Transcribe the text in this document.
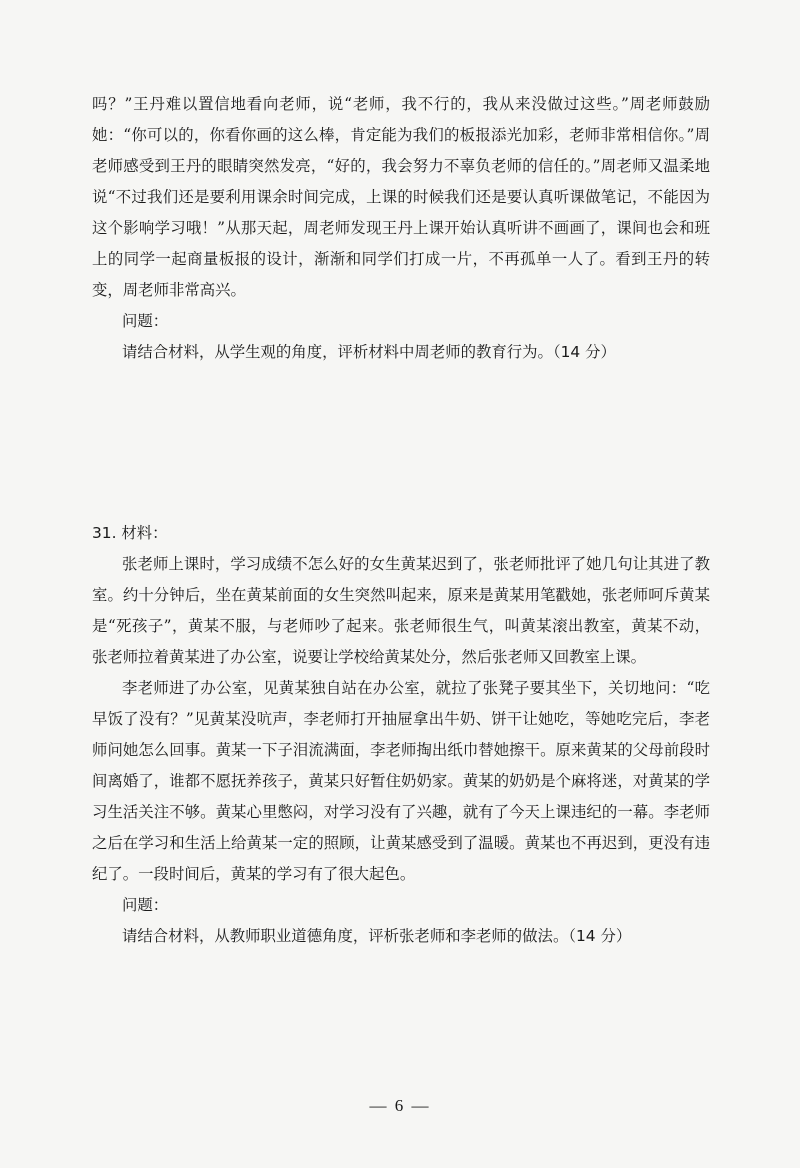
吗？”王丹难以置信地看向老师，说“老师，我不行的，我从来没做过这些。”周老师鼓励
她：“你可以的，你看你画的这么棒，肯定能为我们的板报添光加彩，老师非常相信你。”周
老师感受到王丹的眼睛突然发亮，“好的，我会努力不辜负老师的信任的。”周老师又温柔地
说“不过我们还是要利用课余时间完成，上课的时候我们还是要认真听课做笔记，不能因为
这个影响学习哦！”从那天起，周老师发现王丹上课开始认真听讲不画画了，课间也会和班
上的同学一起商量板报的设计，渐渐和同学们打成一片，不再孤单一人了。看到王丹的转
变，周老师非常高兴。
问题：
请结合材料，从学生观的角度，评析材料中周老师的教育行为。（14 分）
31. 材料：
张老师上课时，学习成绩不怎么好的女生黄某迟到了，张老师批评了她几句让其进了教
室。约十分钟后，坐在黄某前面的女生突然叫起来，原来是黄某用笔戳她，张老师呵斥黄某
是“死孩子”，黄某不服，与老师吵了起来。张老师很生气，叫黄某滚出教室，黄某不动，
张老师拉着黄某进了办公室，说要让学校给黄某处分，然后张老师又回教室上课。
李老师进了办公室，见黄某独自站在办公室，就拉了张凳子要其坐下，关切地问：“吃
早饭了没有？”见黄某没吭声，李老师打开抽屉拿出牛奶、饼干让她吃，等她吃完后，李老
师问她怎么回事。黄某一下子泪流满面，李老师掏出纸巾替她擦干。原来黄某的父母前段时
间离婚了，谁都不愿抚养孩子，黄某只好暂住奶奶家。黄某的奶奶是个麻将迷，对黄某的学
习生活关注不够。黄某心里憋闷，对学习没有了兴趣，就有了今天上课违纪的一幕。李老师
之后在学习和生活上给黄某一定的照顾，让黄某感受到了温暖。黄某也不再迟到，更没有违
纪了。一段时间后，黄某的学习有了很大起色。
问题：
请结合材料，从教师职业道德角度，评析张老师和李老师的做法。（14 分）
— 6 —
